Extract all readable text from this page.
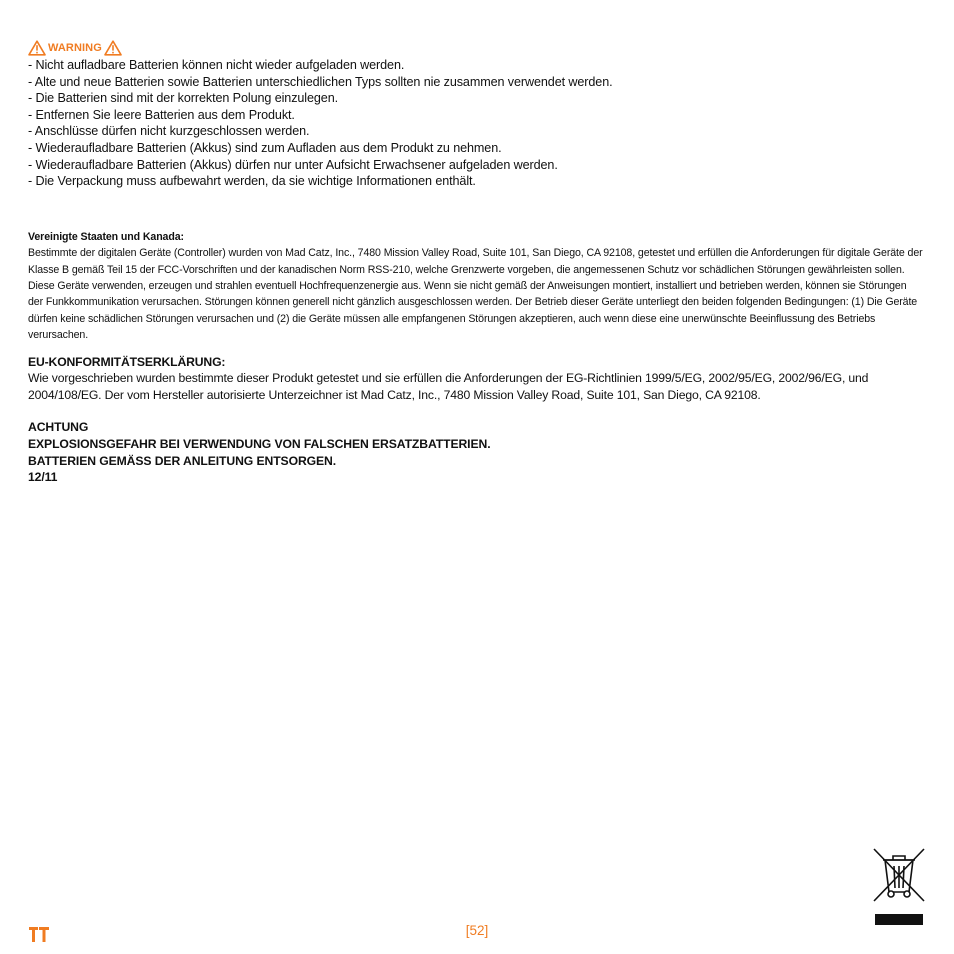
WARNING
- Nicht aufladbare Batterien können nicht wieder aufgeladen werden.
- Alte und neue Batterien sowie Batterien unterschiedlichen Typs sollten nie zusammen verwendet werden.
- Die Batterien sind mit der korrekten Polung einzulegen.
- Entfernen Sie leere Batterien aus dem Produkt.
- Anschlüsse dürfen nicht kurzgeschlossen werden.
- Wiederaufladbare Batterien (Akkus) sind zum Aufladen aus dem Produkt zu nehmen.
- Wiederaufladbare Batterien (Akkus) dürfen nur unter Aufsicht Erwachsener aufgeladen werden.
- Die Verpackung muss aufbewahrt werden, da sie wichtige Informationen enthält.
Vereinigte Staaten und Kanada:
Bestimmte der digitalen Geräte (Controller) wurden von Mad Catz, Inc., 7480 Mission Valley Road, Suite 101, San Diego, CA 92108, getestet und erfüllen die Anforderungen für digitale Geräte der Klasse B gemäß Teil 15 der FCC-Vorschriften und der kanadischen Norm RSS-210, welche Grenzwerte vorgeben, die angemessenen Schutz vor schädlichen Störungen gewährleisten sollen. Diese Geräte verwenden, erzeugen und strahlen eventuell Hochfrequenzenergie aus. Wenn sie nicht gemäß der Anweisungen montiert, installiert und betrieben werden, können sie Störungen der Funkkommunikation verursachen. Störungen können generell nicht gänzlich ausgeschlossen werden. Der Betrieb dieser Geräte unterliegt den beiden folgenden Bedingungen: (1) Die Geräte dürfen keine schädlichen Störungen verursachen und (2) die Geräte müssen alle empfangenen Störungen akzeptieren, auch wenn diese eine unerwünschte Beeinflussung des Betriebs verursachen.
EU-KONFORMITÄTSERKLÄRUNG:
Wie vorgeschrieben wurden bestimmte dieser Produkt getestet und sie erfüllen die Anforderungen der EG-Richtlinien 1999/5/EG, 2002/95/EG, 2002/96/EG, und 2004/108/EG. Der vom Hersteller autorisierte Unterzeichner ist Mad Catz, Inc., 7480 Mission Valley Road, Suite 101, San Diego, CA 92108.
ACHTUNG
EXPLOSIONSGEFAHR BEI VERWENDUNG VON FALSCHEN ERSATZBATTERIEN.
BATTERIEN GEMÄSS DER ANLEITUNG ENTSORGEN.
12/11
[52]
